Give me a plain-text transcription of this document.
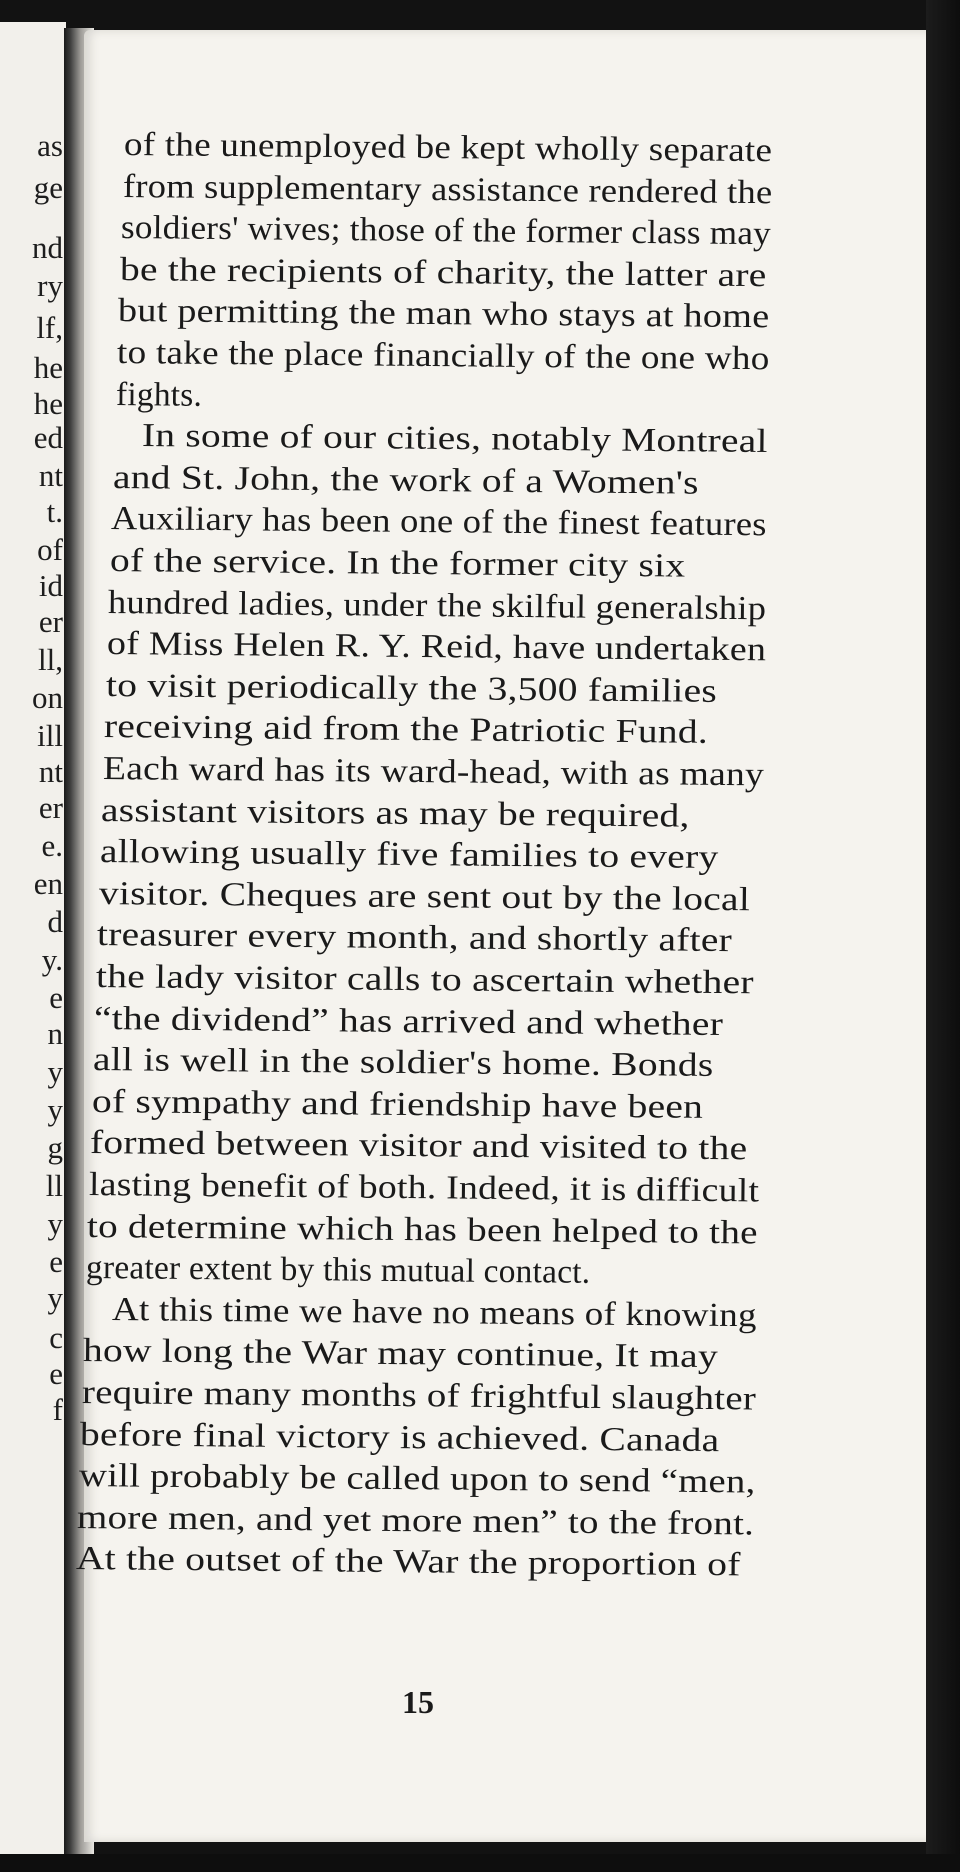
as
ge
nd
ry
lf,
he
he
ed
nt
t.
of
id
er
ll,
on
ill
nt
er
e.
en
d
y.
e
n
y
y
g
ll
y
e
y
c
e
f
of the unemployed be kept wholly separate
from supplementary assistance rendered the
soldiers' wives; those of the former class may
be the recipients of charity, the latter are
but permitting the man who stays at home
to take the place financially of the one who
fights.
In some of our cities, notably Montreal
and St. John, the work of a Women's
Auxiliary has been one of the finest features
of the service. In the former city six
hundred ladies, under the skilful generalship
of Miss Helen R. Y. Reid, have undertaken
to visit periodically the 3,500 families
receiving aid from the Patriotic Fund.
Each ward has its ward-head, with as many
assistant visitors as may be required,
allowing usually five families to every
visitor. Cheques are sent out by the local
treasurer every month, and shortly after
the lady visitor calls to ascertain whether
“the dividend” has arrived and whether
all is well in the soldier's home. Bonds
of sympathy and friendship have been
formed between visitor and visited to the
lasting benefit of both. Indeed, it is difficult
to determine which has been helped to the
greater extent by this mutual contact.
At this time we have no means of knowing
how long the War may continue, It may
require many months of frightful slaughter
before final victory is achieved. Canada
will probably be called upon to send “men,
more men, and yet more men” to the front.
At the outset of the War the proportion of
15
